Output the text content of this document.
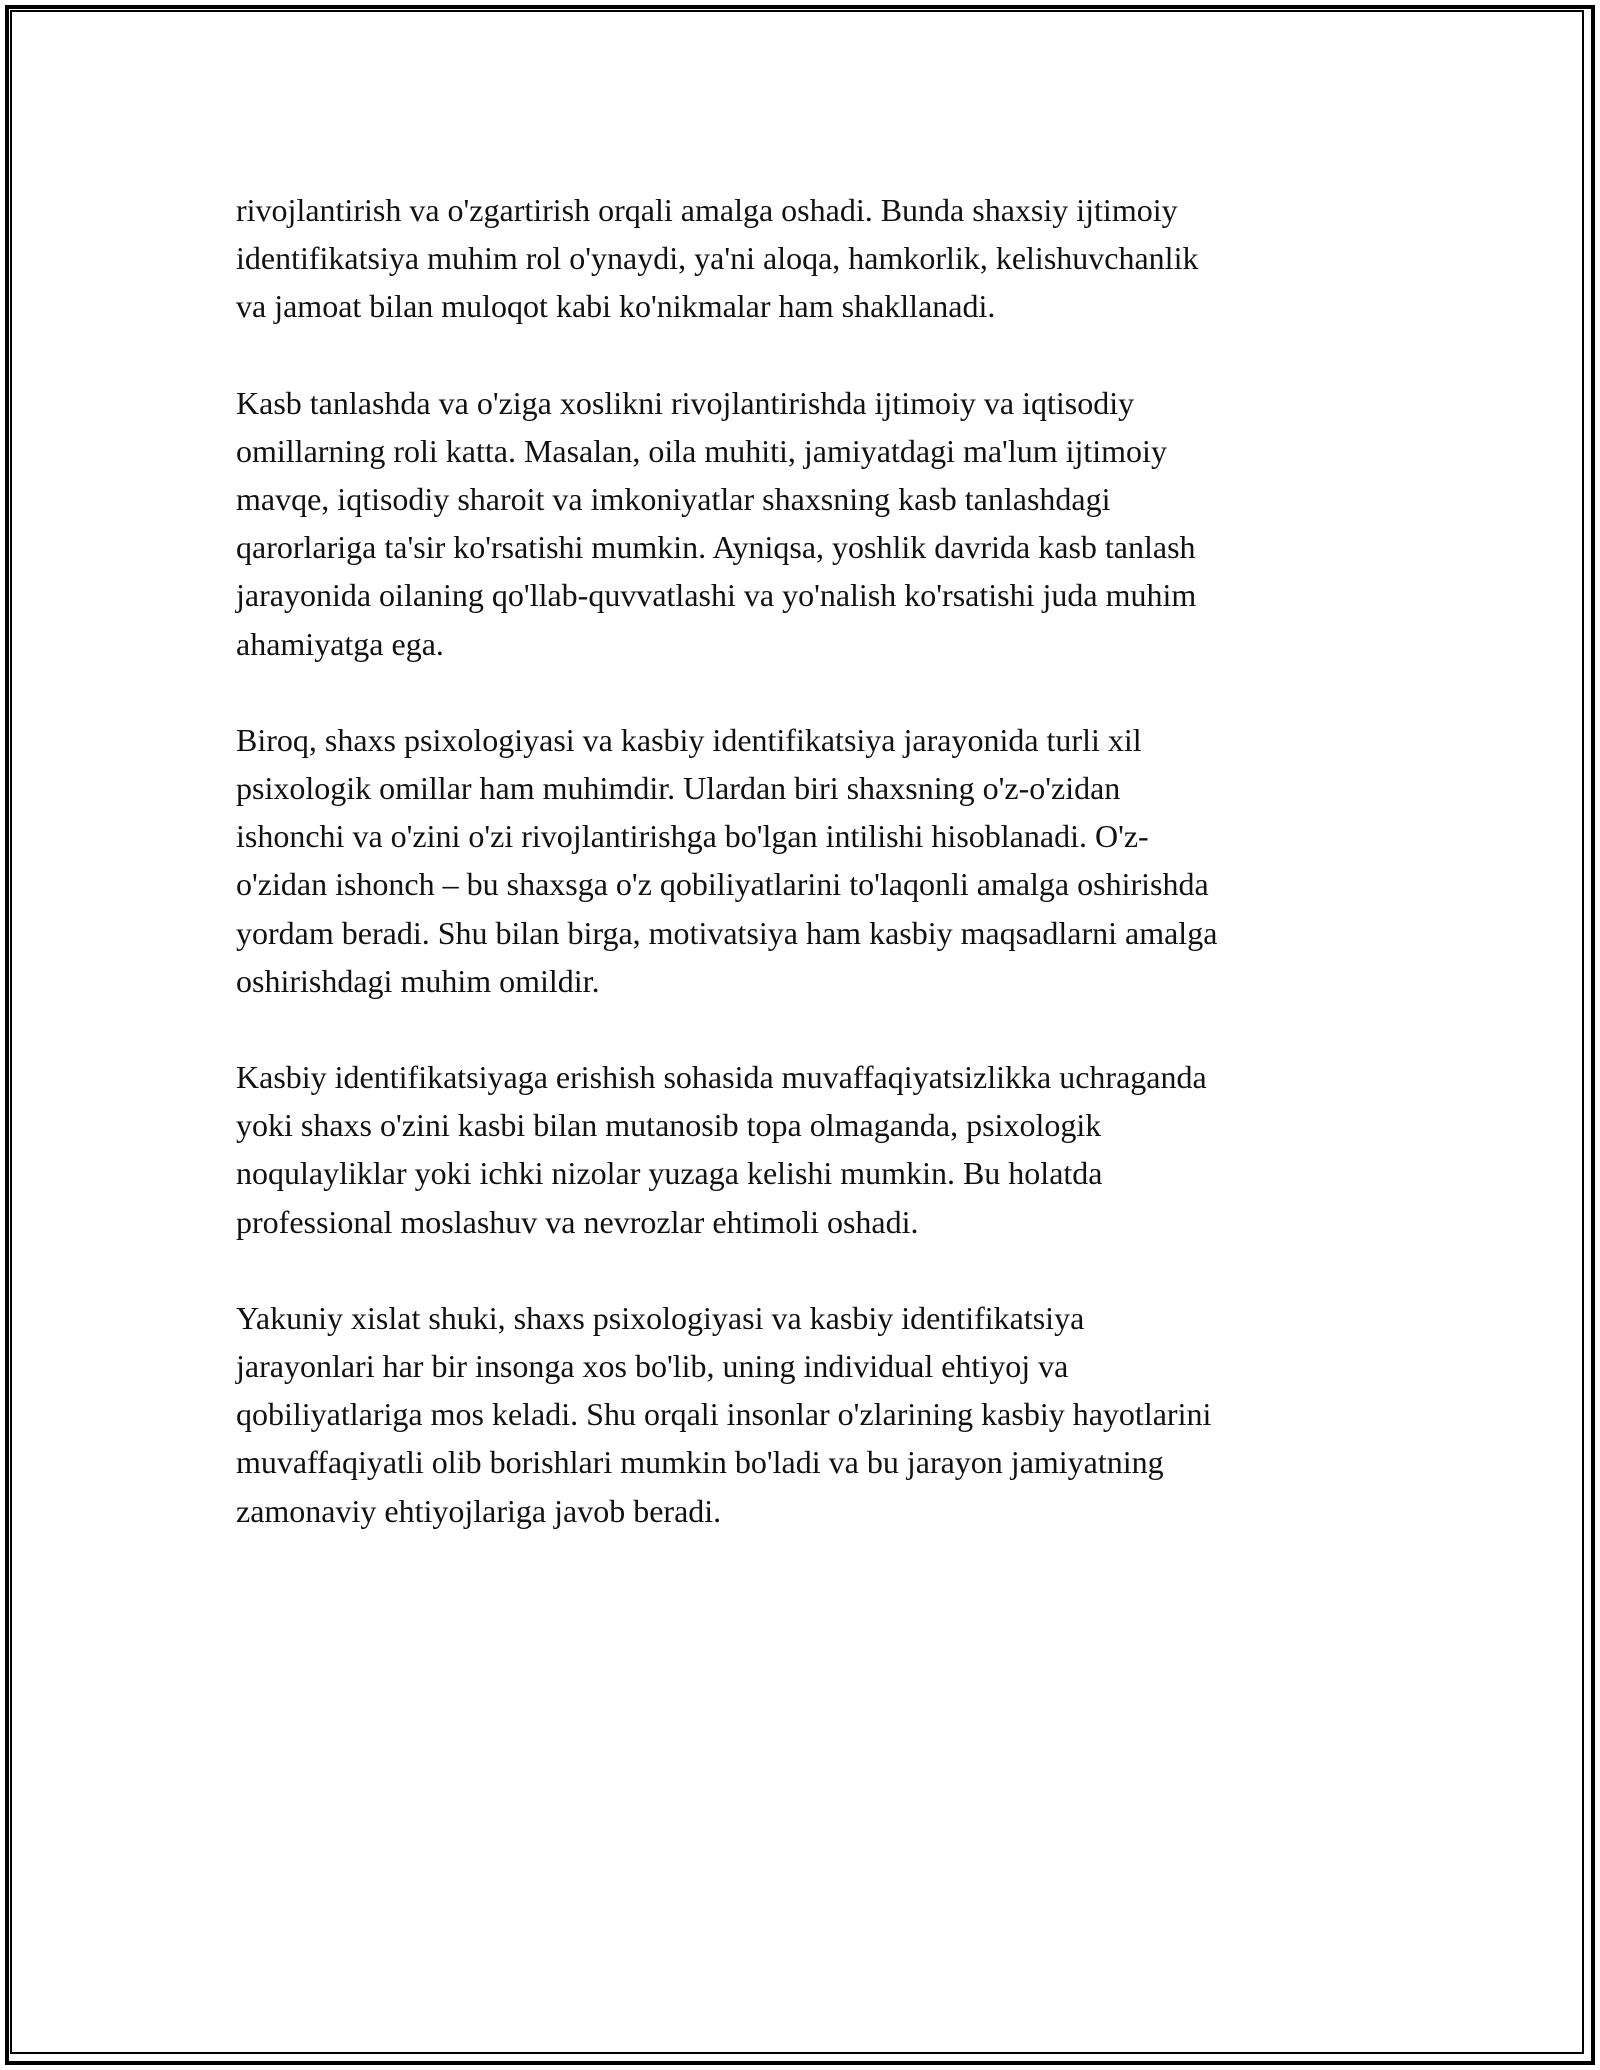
rivojlantirish va o'zgartirish orqali amalga oshadi. Bunda shaxsiy ijtimoiy
identifikatsiya muhim rol o'ynaydi, ya'ni aloqa, hamkorlik, kelishuvchanlik
va jamoat bilan muloqot kabi ko'nikmalar ham shakllanadi.

Kasb tanlashda va o'ziga xoslikni rivojlantirishda ijtimoiy va iqtisodiy
omillarning roli katta. Masalan, oila muhiti, jamiyatdagi ma'lum ijtimoiy
mavqe, iqtisodiy sharoit va imkoniyatlar shaxsning kasb tanlashdagi
qarorlariga ta'sir ko'rsatishi mumkin. Ayniqsa, yoshlik davrida kasb tanlash
jarayonida oilaning qo'llab-quvvatlashi va yo'nalish ko'rsatishi juda muhim
ahamiyatga ega.

Biroq, shaxs psixologiyasi va kasbiy identifikatsiya jarayonida turli xil
psixologik omillar ham muhimdir. Ulardan biri shaxsning o'z-o'zidan
ishonchi va o'zini o'zi rivojlantirishga bo'lgan intilishi hisoblanadi. O'z-
o'zidan ishonch – bu shaxsga o'z qobiliyatlarini to'laqonli amalga oshirishda
yordam beradi. Shu bilan birga, motivatsiya ham kasbiy maqsadlarni amalga
oshirishdagi muhim omildir.

Kasbiy identifikatsiyaga erishish sohasida muvaffaqiyatsizlikka uchraganda
yoki shaxs o'zini kasbi bilan mutanosib topa olmaganda, psixologik
noqulayliklar yoki ichki nizolar yuzaga kelishi mumkin. Bu holatda
professional moslashuv va nevrozlar ehtimoli oshadi.

Yakuniy xislat shuki, shaxs psixologiyasi va kasbiy identifikatsiya
jarayonlari har bir insonga xos bo'lib, uning individual ehtiyoj va
qobiliyatlariga mos keladi. Shu orqali insonlar o'zlarining kasbiy hayotlarini
muvaffaqiyatli olib borishlari mumkin bo'ladi va bu jarayon jamiyatning
zamonaviy ehtiyojlariga javob beradi.
